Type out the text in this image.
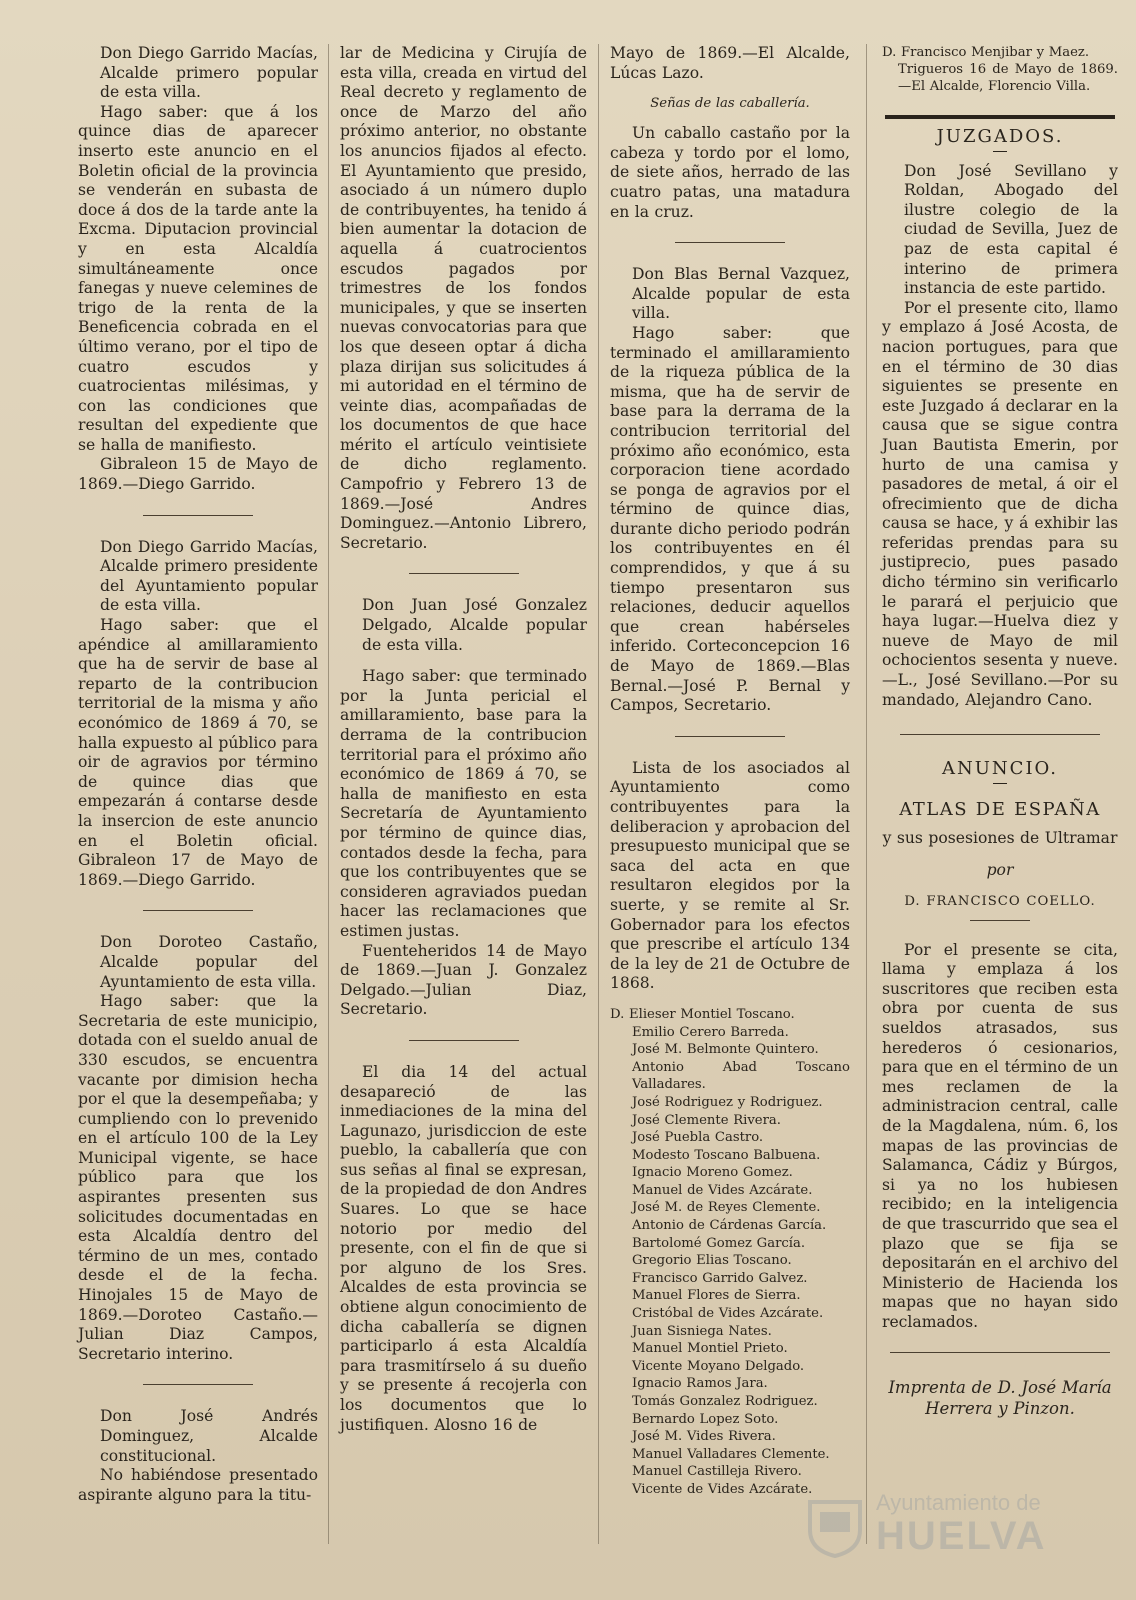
Don Diego Garrido Macías, Alcalde primero popular de esta villa.

Hago saber: que á los quince dias de aparecer inserto este anuncio en el Boletin oficial de la provincia se venderán en subasta de doce á dos de la tarde ante la Excma. Diputacion provincial y en esta Alcaldía simultáneamente once fanegas y nueve celemines de trigo de la renta de la Beneficencia cobrada en el último verano, por el tipo de cuatro escudos y cuatrocientas milésimas, y con las condiciones que resultan del expediente que se halla de manifiesto.

Gibraleon 15 de Mayo de 1869.—Diego Garrido.

Don Diego Garrido Macías, Alcalde primero presidente del Ayuntamiento popular de esta villa.

Hago saber: que el apéndice al amillaramiento que ha de servir de base al reparto de la contribucion territorial de la misma y año económico de 1869 á 70, se halla expuesto al público para oir de agravios por término de quince dias que empezarán á contarse desde la insercion de este anuncio en el Boletin oficial. Gibraleon 17 de Mayo de 1869.—Diego Garrido.

Don Doroteo Castaño, Alcalde popular del Ayuntamiento de esta villa.

Hago saber: que la Secretaria de este municipio, dotada con el sueldo anual de 330 escudos, se encuentra vacante por dimision hecha por el que la desempeñaba; y cumpliendo con lo prevenido en el artículo 100 de la Ley Municipal vigente, se hace público para que los aspirantes presenten sus solicitudes documentadas en esta Alcaldía dentro del término de un mes, contado desde el de la fecha. Hinojales 15 de Mayo de 1869.—Doroteo Castaño.—Julian Diaz Campos, Secretario interino.

Don José Andrés Dominguez, Alcalde constitucional.

No habiéndose presentado aspirante alguno para la titu-

lar de Medicina y Cirujía de esta villa, creada en virtud del Real decreto y reglamento de once de Marzo del año próximo anterior, no obstante los anuncios fijados al efecto. El Ayuntamiento que presido, asociado á un número duplo de contribuyentes, ha tenido á bien aumentar la dotacion de aquella á cuatrocientos escudos pagados por trimestres de los fondos municipales, y que se inserten nuevas convocatorias para que los que deseen optar á dicha plaza dirijan sus solicitudes á mi autoridad en el término de veinte dias, acompañadas de los documentos de que hace mérito el artículo veintisiete de dicho reglamento. Campofrio y Febrero 13 de 1869.—José Andres Dominguez.—Antonio Librero, Secretario.

Don Juan José Gonzalez Delgado, Alcalde popular de esta villa.

Hago saber: que terminado por la Junta pericial el amillaramiento, base para la derrama de la contribucion territorial para el próximo año económico de 1869 á 70, se halla de manifiesto en esta Secretaría de Ayuntamiento por término de quince dias, contados desde la fecha, para que los contribuyentes que se consideren agraviados puedan hacer las reclamaciones que estimen justas.

Fuenteheridos 14 de Mayo de 1869.—Juan J. Gonzalez Delgado.—Julian Diaz, Secretario.

El dia 14 del actual desapareció de las inmediaciones de la mina del Lagunazo, jurisdiccion de este pueblo, la caballería que con sus señas al final se expresan, de la propiedad de don Andres Suares. Lo que se hace notorio por medio del presente, con el fin de que si por alguno de los Sres. Alcaldes de esta provincia se obtiene algun conocimiento de dicha caballería se dignen participarlo á esta Alcaldía para trasmitírselo á su dueño y se presente á recojerla con los documentos que lo justifiquen. Alosno 16 de

Mayo de 1869.—El Alcalde, Lúcas Lazo.

Señas de las caballería.

Un caballo castaño por la cabeza y tordo por el lomo, de siete años, herrado de las cuatro patas, una matadura en la cruz.

Don Blas Bernal Vazquez, Alcalde popular de esta villa.

Hago saber: que terminado el amillaramiento de la riqueza pública de la misma, que ha de servir de base para la derrama de la contribucion territorial del próximo año económico, esta corporacion tiene acordado se ponga de agravios por el término de quince dias, durante dicho periodo podrán los contribuyentes en él comprendidos, y que á su tiempo presentaron sus relaciones, deducir aquellos que crean habérseles inferido. Corteconcepcion 16 de Mayo de 1869.—Blas Bernal.—José P. Bernal y Campos, Secretario.

Lista de los asociados al Ayuntamiento como contribuyentes para la deliberacion y aprobacion del presupuesto municipal que se saca del acta en que resultaron elegidos por la suerte, y se remite al Sr. Gobernador para los efectos que prescribe el artículo 134 de la ley de 21 de Octubre de 1868.

D. Elieser Montiel Toscano.

Emilio Cerero Barreda.

José M. Belmonte Quintero.

Antonio Abad Toscano Valladares.

José Rodriguez y Rodriguez.

José Clemente Rivera.

José Puebla Castro.

Modesto Toscano Balbuena.

Ignacio Moreno Gomez.

Manuel de Vides Azcárate.

José M. de Reyes Clemente.

Antonio de Cárdenas García.

Bartolomé Gomez García.

Gregorio Elias Toscano.

Francisco Garrido Galvez.

Manuel Flores de Sierra.

Cristóbal de Vides Azcárate.

Juan Sisniega Nates.

Manuel Montiel Prieto.

Vicente Moyano Delgado.

Ignacio Ramos Jara.

Tomás Gonzalez Rodriguez.

Bernardo Lopez Soto.

José M. Vides Rivera.

Manuel Valladares Clemente.

Manuel Castilleja Rivero.

Vicente de Vides Azcárate.

D. Francisco Menjibar y Maez.

Trigueros 16 de Mayo de 1869. —El Alcalde, Florencio Villa.

JUZGADOS.

Don José Sevillano y Roldan, Abogado del ilustre colegio de la ciudad de Sevilla, Juez de paz de esta capital é interino de primera instancia de este partido.

Por el presente cito, llamo y emplazo á José Acosta, de nacion portugues, para que en el término de 30 dias siguientes se presente en este Juzgado á declarar en la causa que se sigue contra Juan Bautista Emerin, por hurto de una camisa y pasadores de metal, á oir el ofrecimiento que de dicha causa se hace, y á exhibir las referidas prendas para su justiprecio, pues pasado dicho término sin verificarlo le parará el perjuicio que haya lugar.—Huelva diez y nueve de Mayo de mil ochocientos sesenta y nueve.—L., José Sevillano.—Por su mandado, Alejandro Cano.

ANUNCIO.

ATLAS DE ESPAÑA

y sus posesiones de Ultramar

por

D. FRANCISCO COELLO.

Por el presente se cita, llama y emplaza á los suscritores que reciben esta obra por cuenta de sus sueldos atrasados, sus herederos ó cesionarios, para que en el término de un mes reclamen de la administracion central, calle de la Magdalena, núm. 6, los mapas de las provincias de Salamanca, Cádiz y Búrgos, si ya no los hubiesen recibido; en la inteligencia de que trascurrido que sea el plazo que se fija se depositarán en el archivo del Ministerio de Hacienda los mapas que no hayan sido reclamados.

Imprenta de D. José María Herrera y Pinzon.

Ayuntamiento de
HUELVA
